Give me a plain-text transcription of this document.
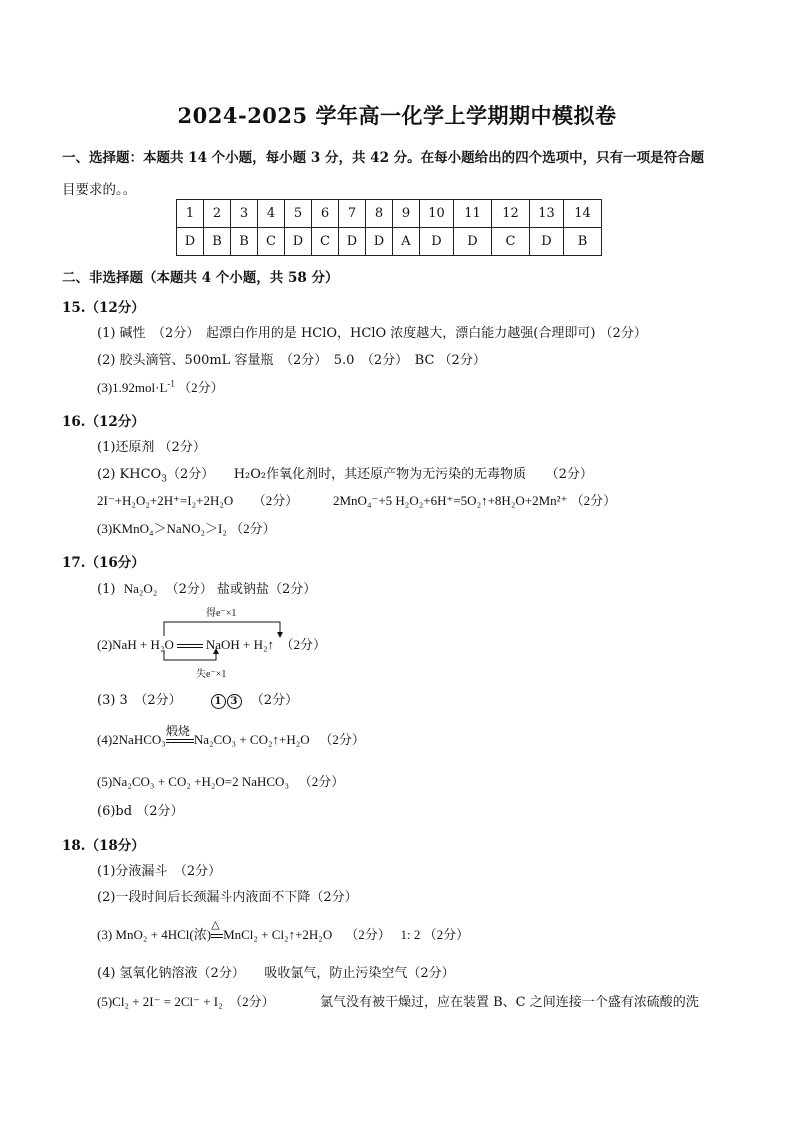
2024-2025 学年高一化学上学期期中模拟卷
一、选择题：本题共 14 个小题，每小题 3 分，共 42 分。在每小题给出的四个选项中，只有一项是符合题
目要求的。。
1	2	3	4	5	6	7	8	9	10	11	12	13	14
D	B	B	C	D	C	D	D	A	D	D	C	D	B
二、非选择题（本题共 4 个小题，共 58 分）
15.（12分）
(1) 碱性　（2分）　起漂白作用的是 HClO，HClO 浓度越大，漂白能力越强(合理即可) （2分）
(2) 胶头滴管、500mL 容量瓶　（2分）　5.0　（2分）　BC （2分）
$(3)1.92mol\cdot L^{-1}$ （2分）
16.（12分）
(1)还原剂 （2分）
(2) $KHCO_3(2$分）　　H₂O₂作氧化剂时，其还原产物为无污染的无毒物质　　（2分）
2I⁻+H₂O₂+2H⁺=I₂+2H₂O　　（2分）	2MnO₄⁻+5 H₂O₂+6H⁺=5O₂↑+8H₂O+2Mn²⁺ （2分）
(3)KMnO₄＞NaNO₂＞I₂ （2分）
17.（16分）
(1) Na₂O₂ （2分） 盐或钠盐（2分）
得e⁻×1
失e⁻×1
(2)NaH + H₂O NaOH + H₂↑ （2分）
(3) 3　（2分）	1 3 （2分）
(4)2NaHCO₃
煅烧
Na₂CO₃ + CO₂↑+H₂O （2分）
(5)Na₂CO₃ + CO₂ +H₂O=2 NaHCO₃ （2分）
(6)bd （2分）
18.（18分）
(1)分液漏斗　（2分）
(2)一段时间后长颈漏斗内液面不下降（2分）
(3) MnO₂ + 4HCl(浓)
△
MnCl₂ + Cl₂↑+2H₂O （2分）　 1: 2 （2分）
(4) 氢氧化钠溶液（2分）　　吸收氯气，防止污染空气（2分）
(5)Cl₂ + 2I⁻ = 2Cl⁻ + I₂　（2分）	氯气没有被干燥过，应在装置 B、C 之间连接一个盛有浓硫酸的洗
